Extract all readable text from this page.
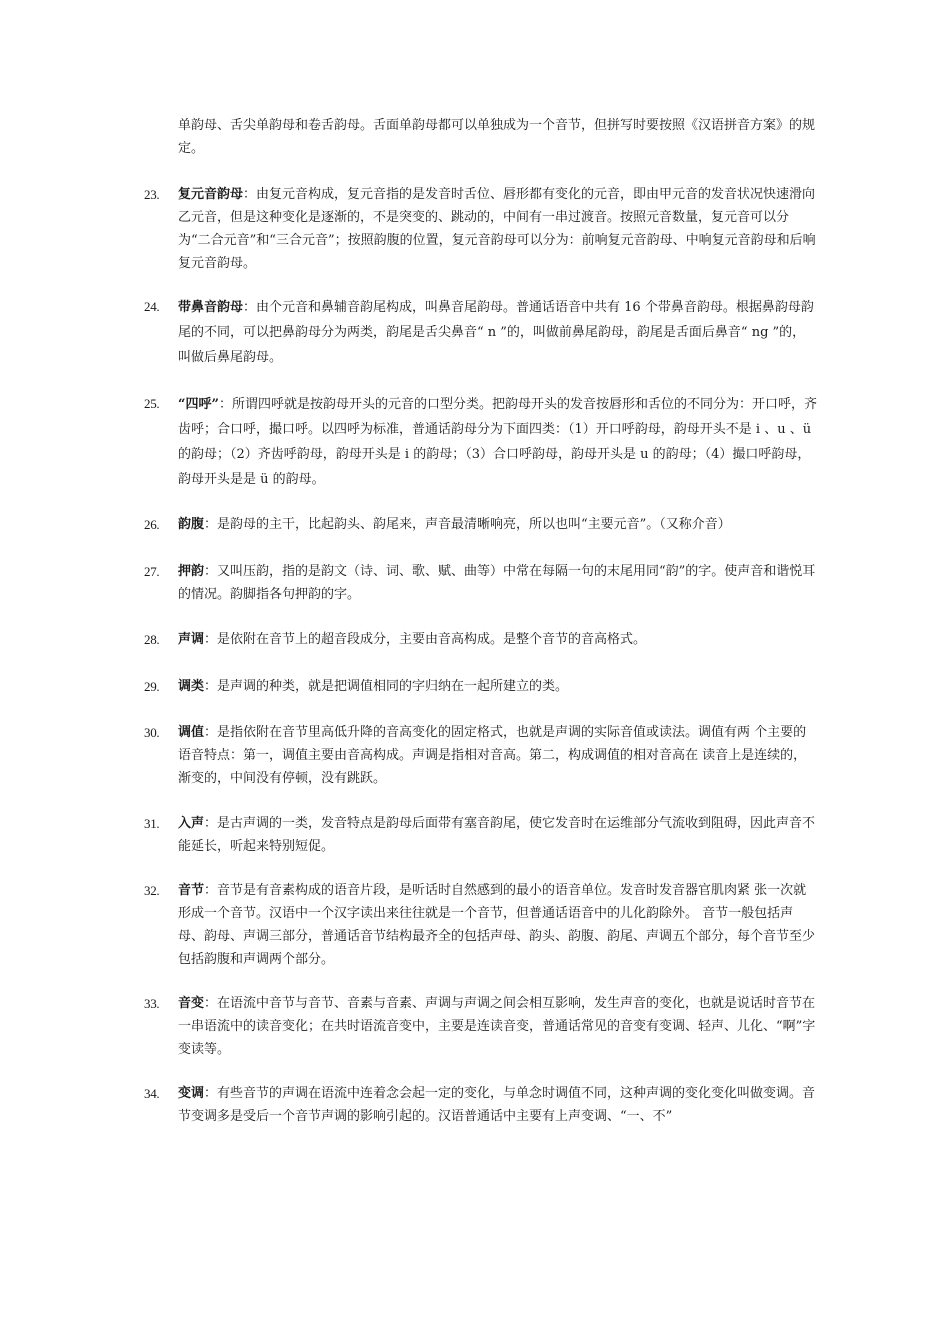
单韵母、舌尖单韵母和卷舌韵母。舌面单韵母都可以单独成为一个音节，但拼写时要按照《汉语拼音方案》的规定。
23. 复元音韵母：由复元音构成，复元音指的是发音时舌位、唇形都有变化的元音，即由甲元音的发音状况快速滑向乙元音，但是这种变化是逐渐的，不是突变的、跳动的，中间有一串过渡音。按照元音数量，复元音可以分为“二合元音”和“三合元音”；按照韵腹的位置，复元音韵母可以分为：前响复元音韵母、中响复元音韵母和后响复元音韵母。
24. 带鼻音韵母：由个元音和鼻辅音韵尾构成，叫鼻音尾韵母。普通话语音中共有 16 个带鼻音韵母。根据鼻韵母韵尾的不同，可以把鼻韵母分为两类，韵尾是舌尖鼻音“ n ”的，叫做前鼻尾韵母，韵尾是舌面后鼻音“ ng ”的，叫做后鼻尾韵母。
25. “四呼”：所谓四呼就是按韵母开头的元音的口型分类。把韵母开头的发音按唇形和舌位的不同分为：开口呼，齐齿呼；合口呼，撮口呼。以四呼为标准，普通话韵母分为下面四类：（1）开口呼韵母，韵母开头不是 i 、u 、ü 的韵母；（2）齐齿呼韵母，韵母开头是 i 的韵母；（3）合口呼韵母，韵母开头是 u 的韵母；（4）撮口呼韵母，韵母开头是是 ü 的韵母。
26. 韵腹：是韵母的主干，比起韵头、韵尾来，声音最清晰响亮，所以也叫“主要元音”。（又称介音）
27. 押韵：又叫压韵，指的是韵文（诗、词、歌、赋、曲等）中常在每隔一句的末尾用同“韵”的字。使声音和谐悦耳的情况。韵脚指各句押韵的字。
28. 声调：是依附在音节上的超音段成分，主要由音高构成。是整个音节的音高格式。
29. 调类：是声调的种类，就是把调值相同的字归纳在一起所建立的类。
30. 调值：是指依附在音节里高低升降的音高变化的固定格式，也就是声调的实际音值或读法。调值有两 个主要的语音特点：第一，调值主要由音高构成。声调是指相对音高。第二，构成调值的相对音高在 读音上是连续的，渐变的，中间没有停顿，没有跳跃。
31. 入声：是古声调的一类，发音特点是韵母后面带有塞音韵尾，使它发音时在运维部分气流收到阻碍，因此声音不能延长，听起来特别短促。
32. 音节：音节是有音素构成的语音片段，是听话时自然感到的最小的语音单位。发音时发音器官肌肉紧 张一次就形成一个音节。汉语中一个汉字读出来往往就是一个音节，但普通话语音中的儿化韵除外。 音节一般包括声母、韵母、声调三部分，普通话音节结构最齐全的包括声母、韵头、韵腹、韵尾、声调五个部分，每个音节至少包括韵腹和声调两个部分。
33. 音变：在语流中音节与音节、音素与音素、声调与声调之间会相互影响，发生声音的变化，也就是说话时音节在一串语流中的读音变化；在共时语流音变中，主要是连读音变，普通话常见的音变有变调、轻声、儿化、“啊”字变读等。
34. 变调：有些音节的声调在语流中连着念会起一定的变化，与单念时调值不同，这种声调的变化变化叫做变调。音节变调多是受后一个音节声调的影响引起的。汉语普通话中主要有上声变调、“一、不”
